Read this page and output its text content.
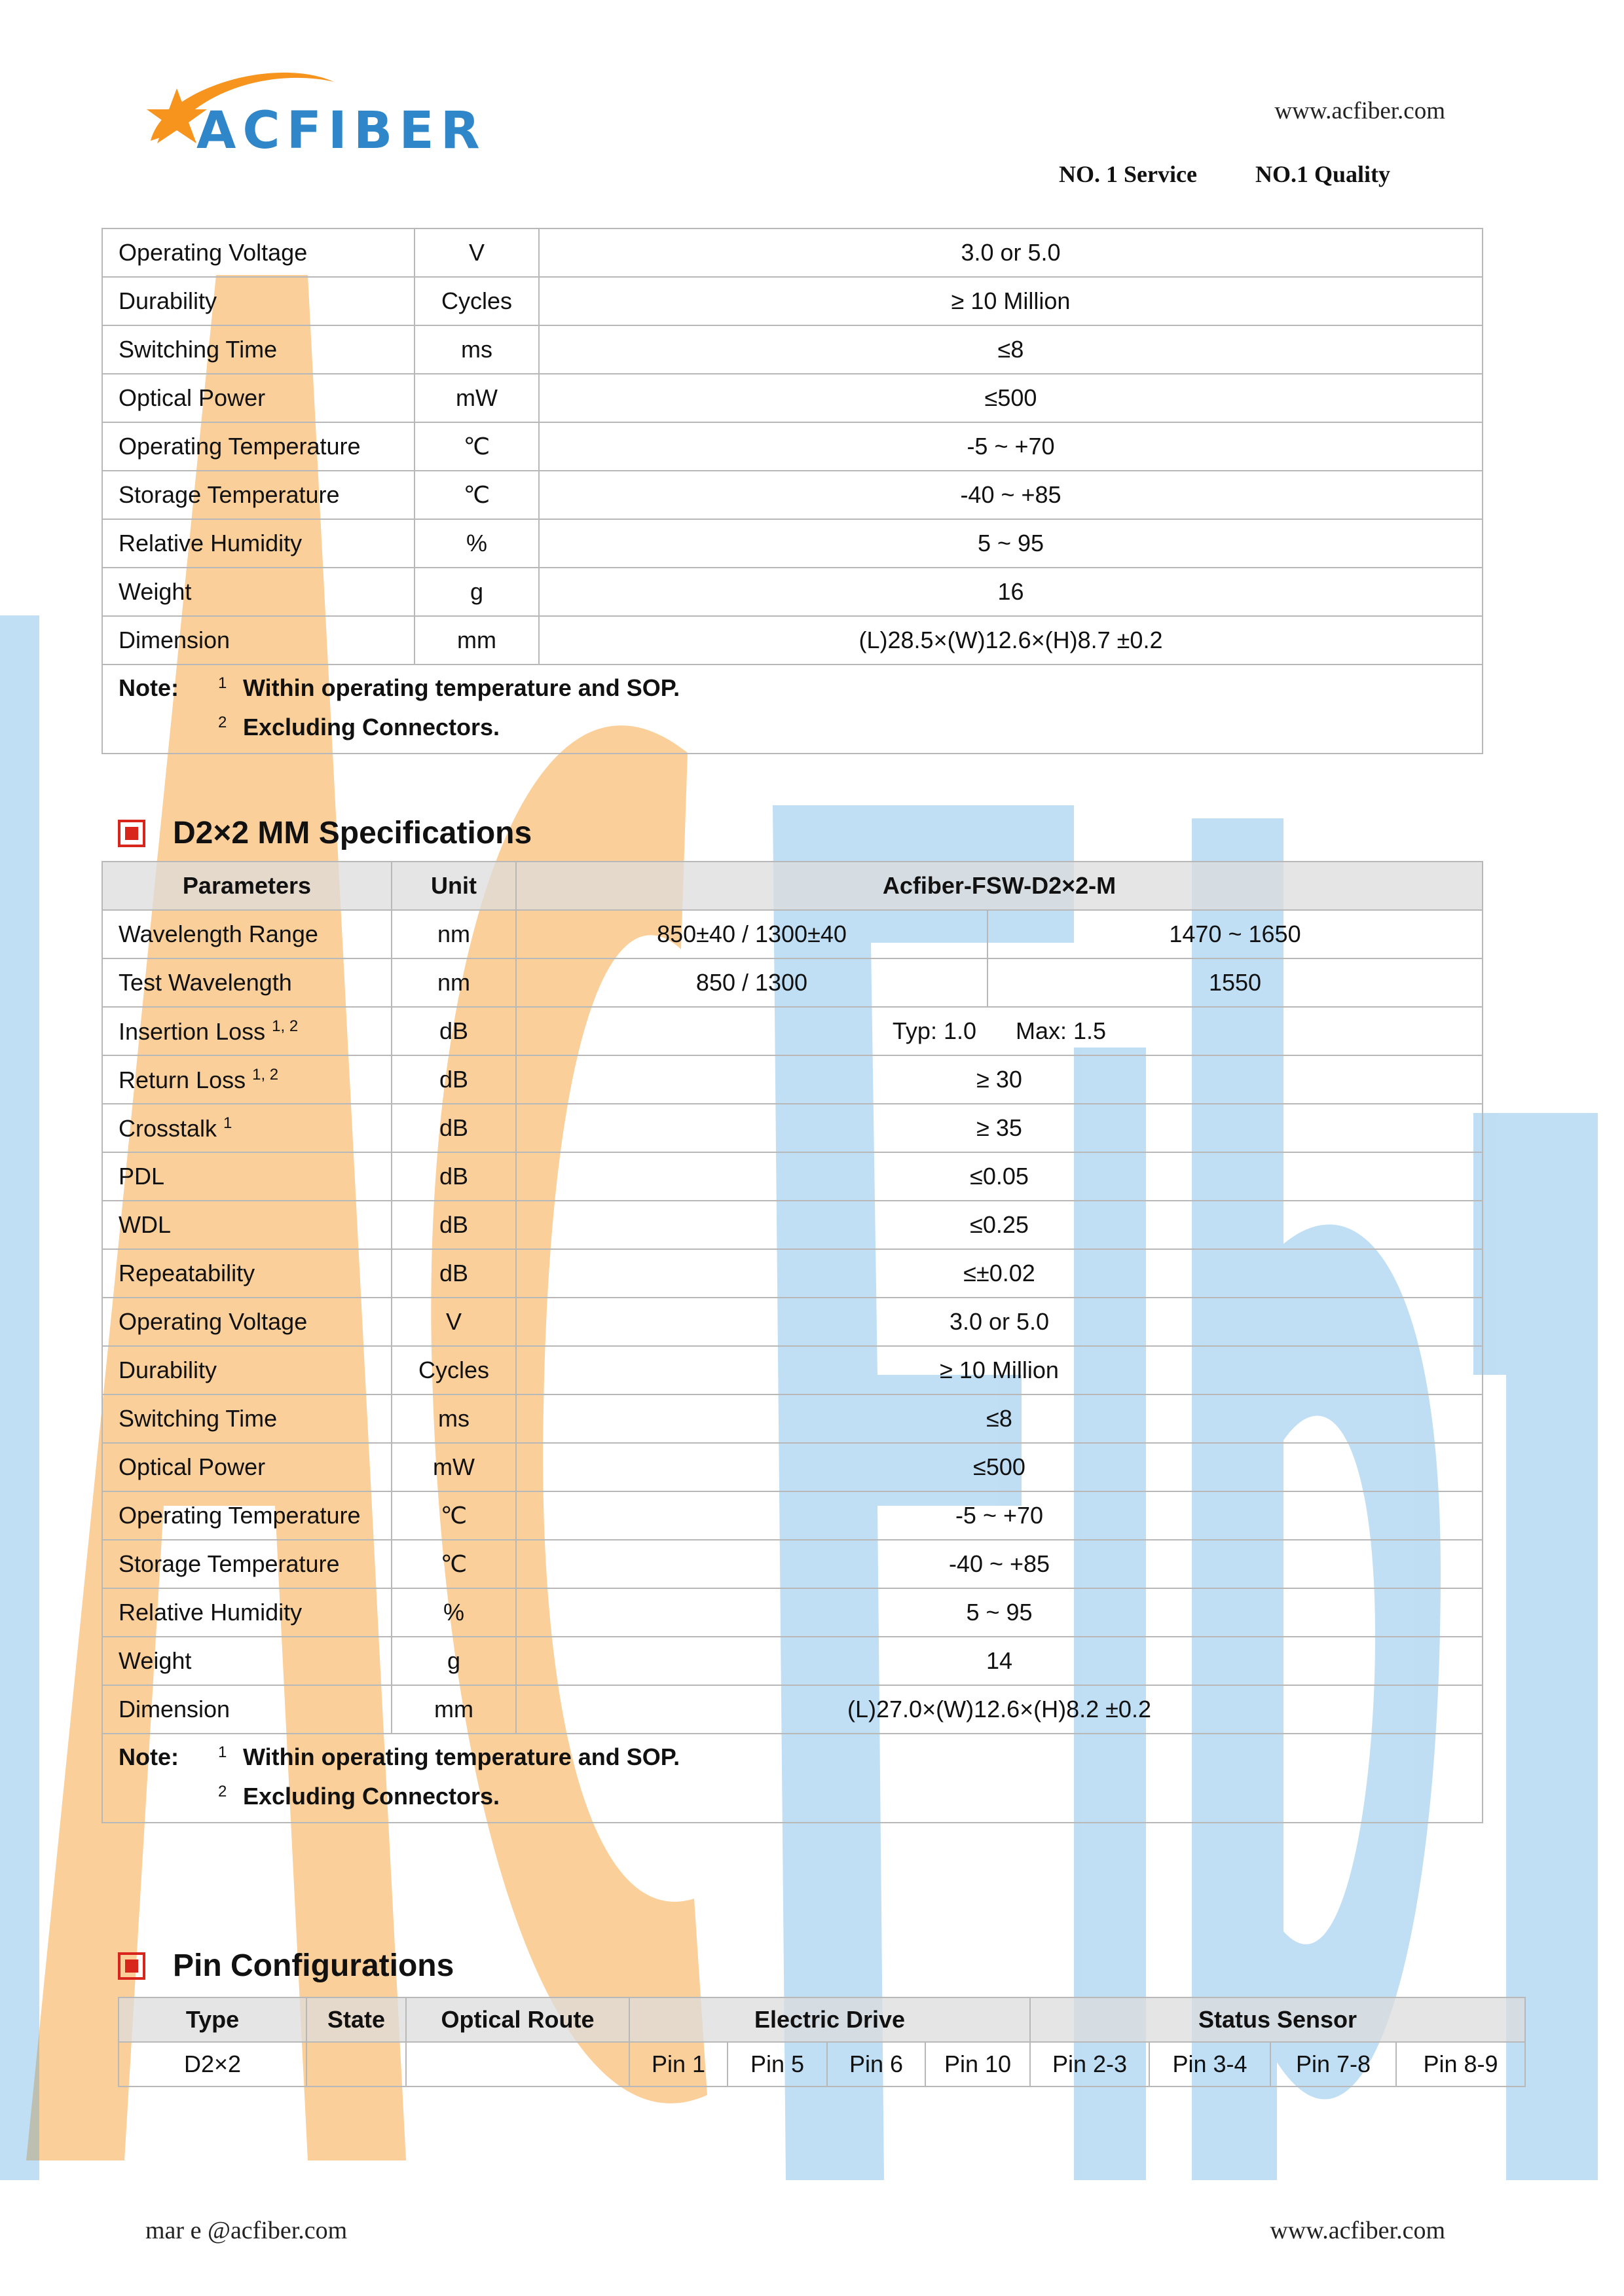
ACFIBER	www.acfiber.com
NO. 1 Service NO.1 Quality
Operating Voltage	V	3.0 or 5.0
Durability	Cycles	≥ 10 Million
Switching Time	ms	≤8
Optical Power	mW	≤500
Operating Temperature	℃	-5 ~ +70
Storage Temperature	℃	-40 ~ +85
Relative Humidity	%	5 ~ 95
Weight	g	16
Dimension	mm	(L)28.5×(W)12.6×(H)8.7 ±0.2

Note: 1 Within operating temperature and SOP.
2 Excluding Connectors.		
D2×2 MM Specifications
Parameters	Unit	Acfiber-FSW-D2×2-M	
Wavelength Range	nm	850±40 / 1300±40	1470 ~ 1650
Test Wavelength	nm	850 / 1300	1550
Insertion Loss $^{1, 2}$	dB	Typ: 1.0      Max: 1.5	
Return Loss $^{1, 2}$	dB	≥ 30	
Crosstalk $^1$	dB	≥ 35	
PDL	dB	≤0.05	
WDL	dB	≤0.25	
Repeatability	dB	≤±0.02	
Operating Voltage	V	3.0 or 5.0	
Durability	Cycles	≥ 10 Million	
Switching Time	ms	≤8	
Optical Power	mW	≤500	
Operating Temperature	℃	-5 ~ +70	
Storage Temperature	℃	-40 ~ +85	
Relative Humidity	%	5 ~ 95	
Weight	g	14	
Dimension	mm	(L)27.0×(W)12.6×(H)8.2 ±0.2	

Note: 1 Within operating temperature and SOP.
2 Excluding Connectors.			
Pin Configurations
Type	State	Optical Route	Electric Drive				Status Sensor			
D2×2			Pin 1	Pin 5	Pin 6	Pin 10	Pin 2-3	Pin 3-4	Pin 7-8	Pin 8-9
mar e @acfiber.com	www.acfiber.com
